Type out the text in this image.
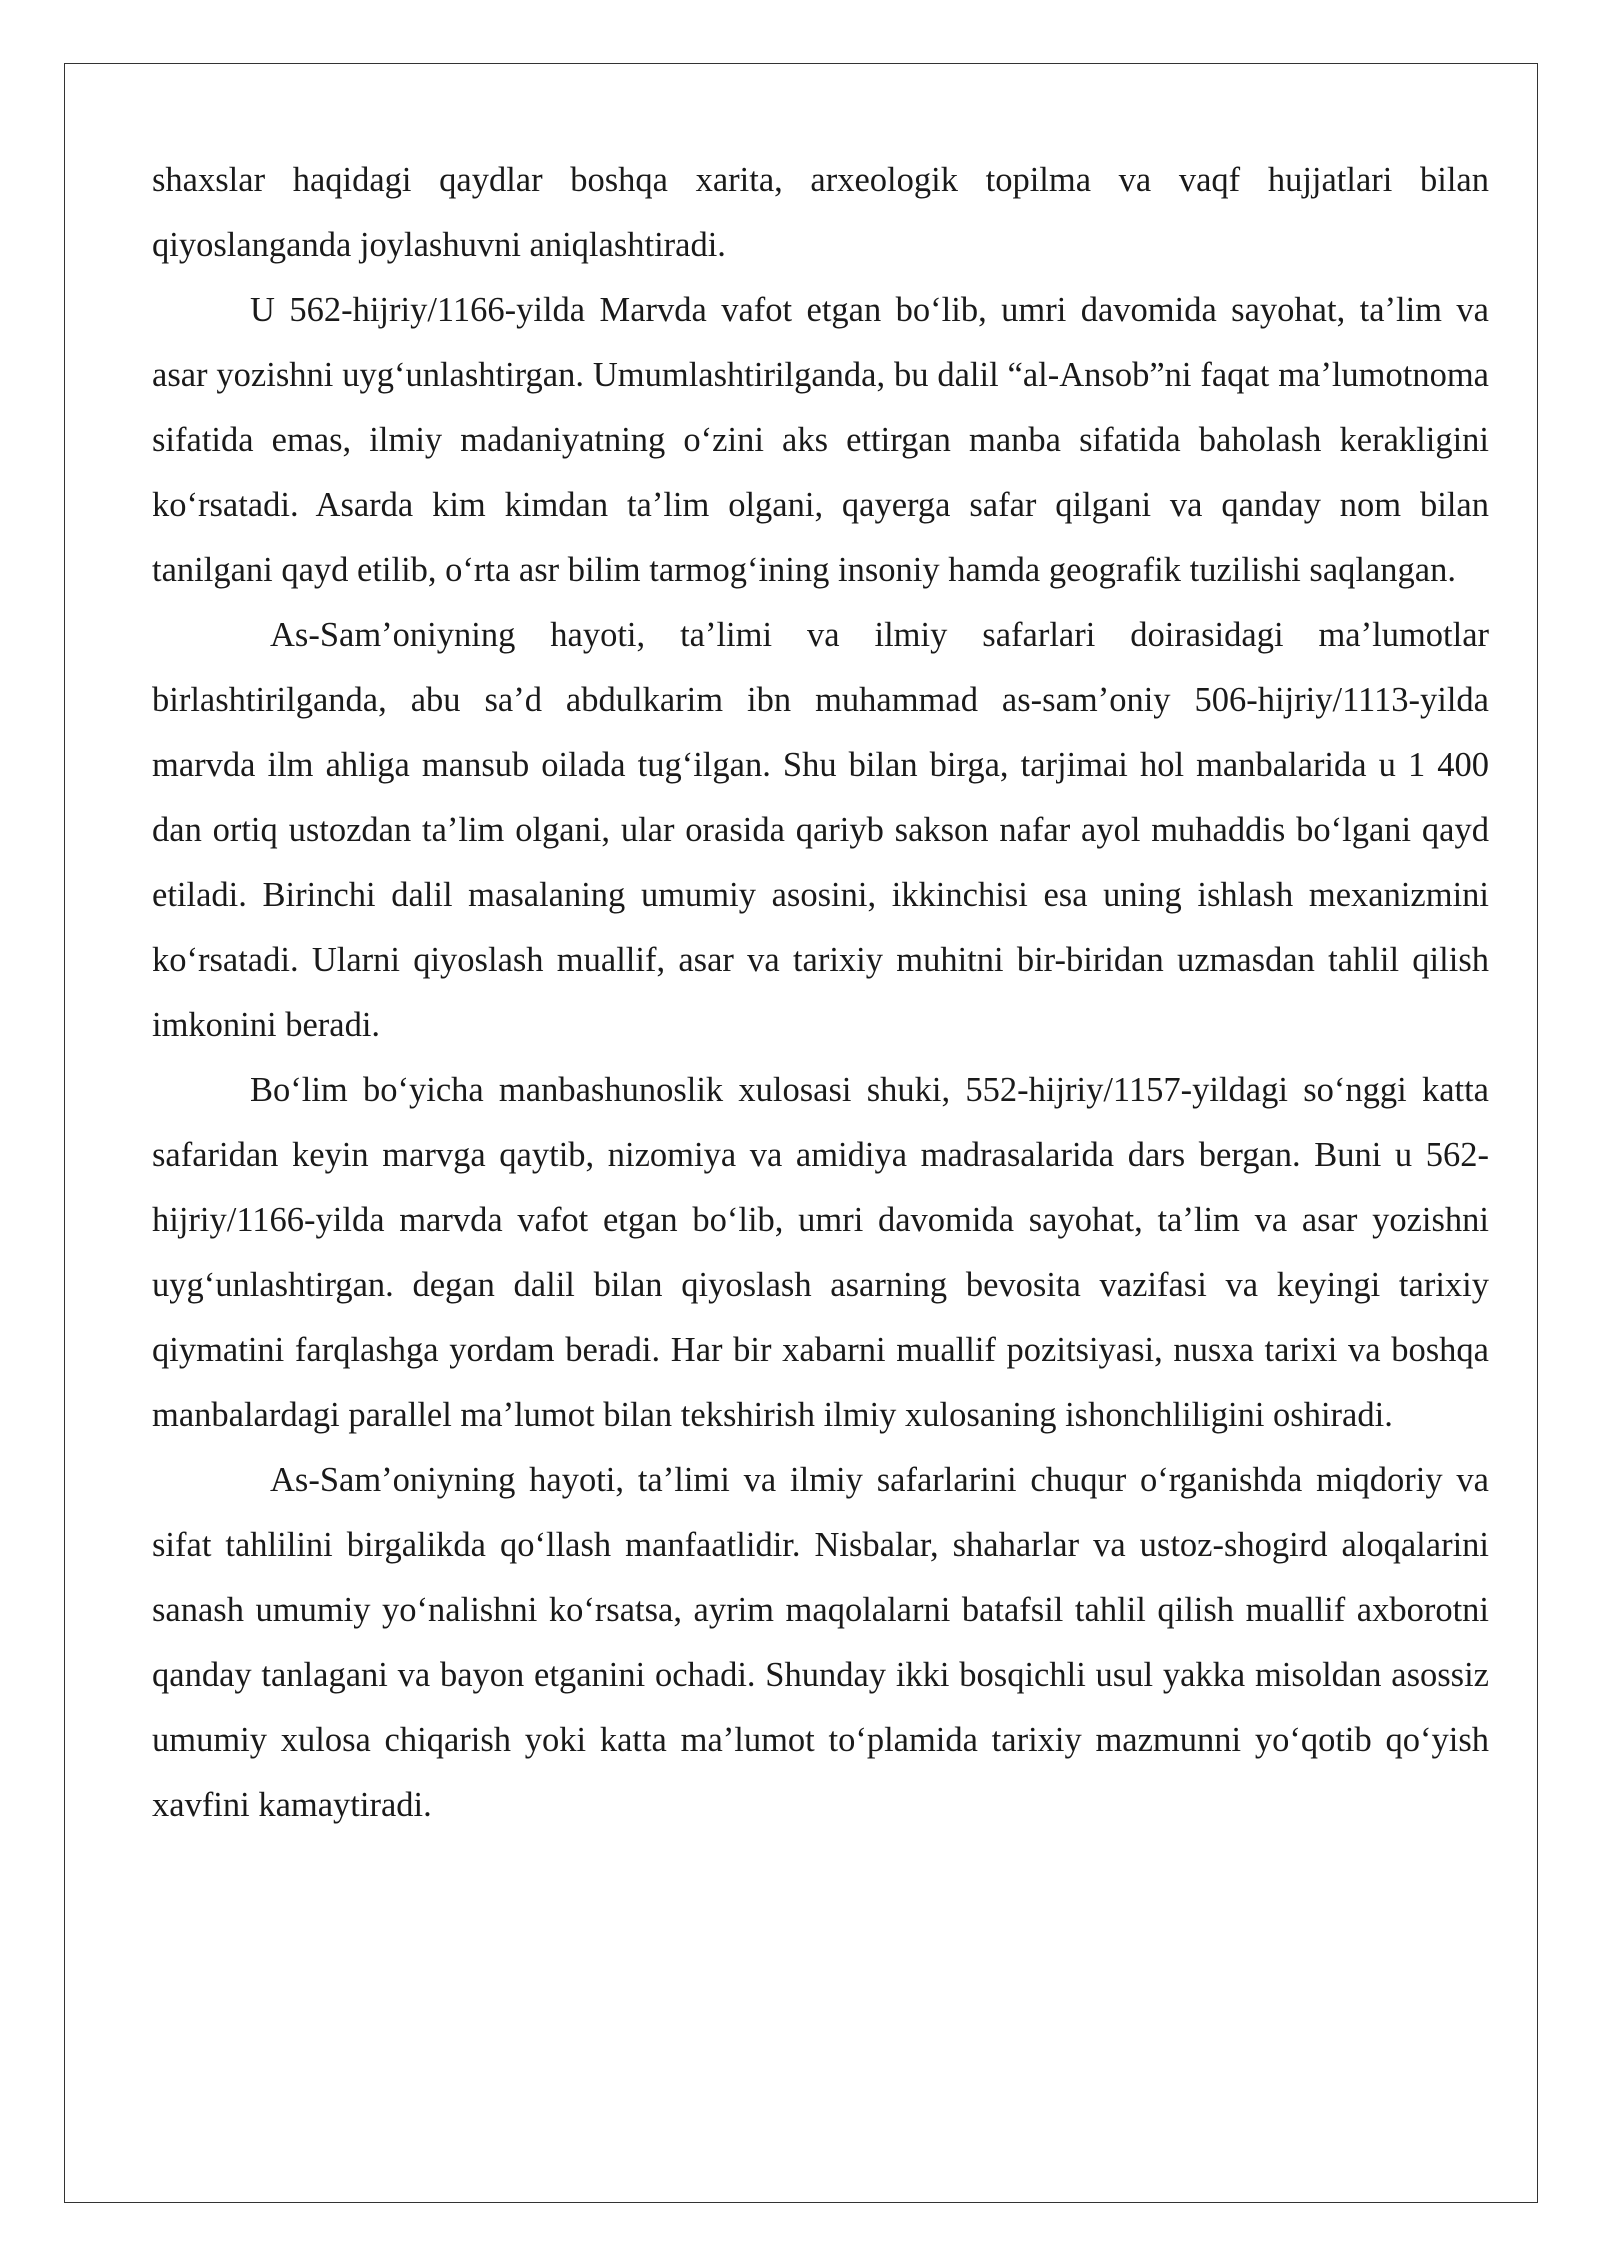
shaxslar haqidagi qaydlar boshqa xarita, arxeologik topilma va vaqf hujjatlari bilan qiyoslanganda joylashuvni aniqlashtiradi.

U 562-hijriy/1166-yilda Marvda vafot etgan boʻlib, umri davomida sayohat, taʼlim va asar yozishni uygʻunlashtirgan. Umumlashtirilganda, bu dalil “al-Ansob”ni faqat maʼlumotnoma sifatida emas, ilmiy madaniyatning oʻzini aks ettirgan manba sifatida baholash kerakligini koʻrsatadi. Asarda kim kimdan taʼlim olgani, qayerga safar qilgani va qanday nom bilan tanilgani qayd etilib, oʻrta asr bilim tarmogʻining insoniy hamda geografik tuzilishi saqlangan.

As-Samʼoniyning hayoti, taʼlimi va ilmiy safarlari doirasidagi maʼlumotlar birlashtirilganda, abu saʼd abdulkarim ibn muhammad as-samʼoniy 506-hijriy/1113-yilda marvda ilm ahliga mansub oilada tugʻilgan. Shu bilan birga, tarjimai hol manbalarida u 1 400 dan ortiq ustozdan taʼlim olgani, ular orasida qariyb sakson nafar ayol muhaddis boʻlgani qayd etiladi. Birinchi dalil masalaning umumiy asosini, ikkinchisi esa uning ishlash mexanizmini koʻrsatadi. Ularni qiyoslash muallif, asar va tarixiy muhitni bir-biridan uzmasdan tahlil qilish imkonini beradi.

Boʻlim boʻyicha manbashunoslik xulosasi shuki, 552-hijriy/1157-yildagi soʻnggi katta safaridan keyin marvga qaytib, nizomiya va amidiya madrasalarida dars bergan. Buni u 562-hijriy/1166-yilda marvda vafot etgan boʻlib, umri davomida sayohat, taʼlim va asar yozishni uygʻunlashtirgan. degan dalil bilan qiyoslash asarning bevosita vazifasi va keyingi tarixiy qiymatini farqlashga yordam beradi. Har bir xabarni muallif pozitsiyasi, nusxa tarixi va boshqa manbalardagi parallel maʼlumot bilan tekshirish ilmiy xulosaning ishonchliligini oshiradi.

As-Samʼoniyning hayoti, taʼlimi va ilmiy safarlarini chuqur oʻrganishda miqdoriy va sifat tahlilini birgalikda qoʻllash manfaatlidir. Nisbalar, shaharlar va ustoz-shogird aloqalarini sanash umumiy yoʻnalishni koʻrsatsa, ayrim maqolalarni batafsil tahlil qilish muallif axborotni qanday tanlagani va bayon etganini ochadi. Shunday ikki bosqichli usul yakka misoldan asossiz umumiy xulosa chiqarish yoki katta maʼlumot toʻplamida tarixiy mazmunni yoʻqotib qoʻyish xavfini kamaytiradi.
